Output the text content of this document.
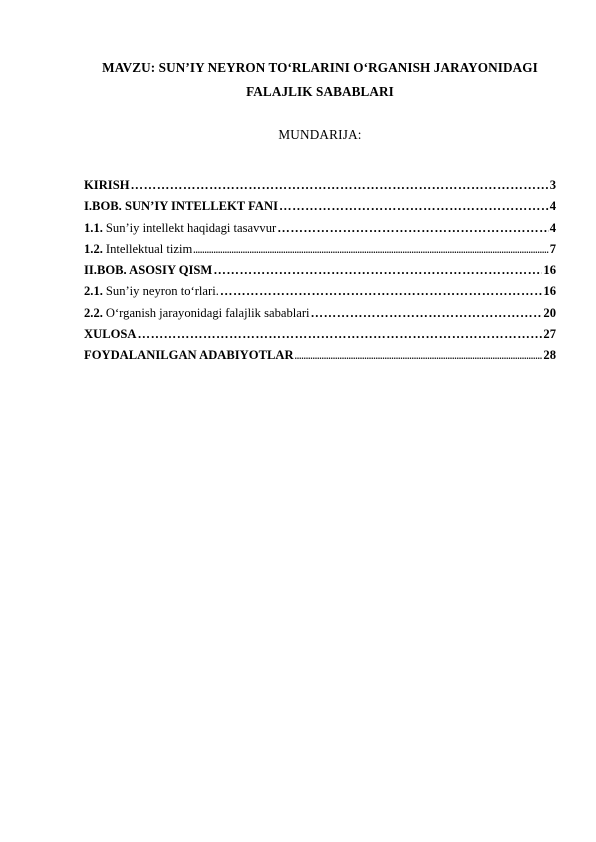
MAVZU: SUN’IY NEYRON TO‘RLARINI O‘RGANISH JARAYONIDAGI
FALAJLIK SABABLARI
MUNDARIJA:
KIRISH …………………………………………………………………………………………………………………………………………………	3
I.BOB. SUN’IY INTELLEKT FANI …………………………………………………………………………………………………………………………………………………	4
1.1. Sun’iy intellekt haqidagi tasavvur …………………………………………………………………………………………………………………………………………………	4
1.2. Intellektual tizim .....	7
II.BOB. ASOSIY QISM …………………………………………………………………………………………………………………………………………………	16
2.1. Sun’iy neyron to‘rlari. …………………………………………………………………………………………………………………………………………………	16
2.2. O‘rganish jarayonidagi falajlik sabablari …………………………………………………………………………………………………………………………………………………	20
XULOSA …………………………………………………………………………………………………………………………………………………	27
FOYDALANILGAN ADABIYOTLAR .....	28
